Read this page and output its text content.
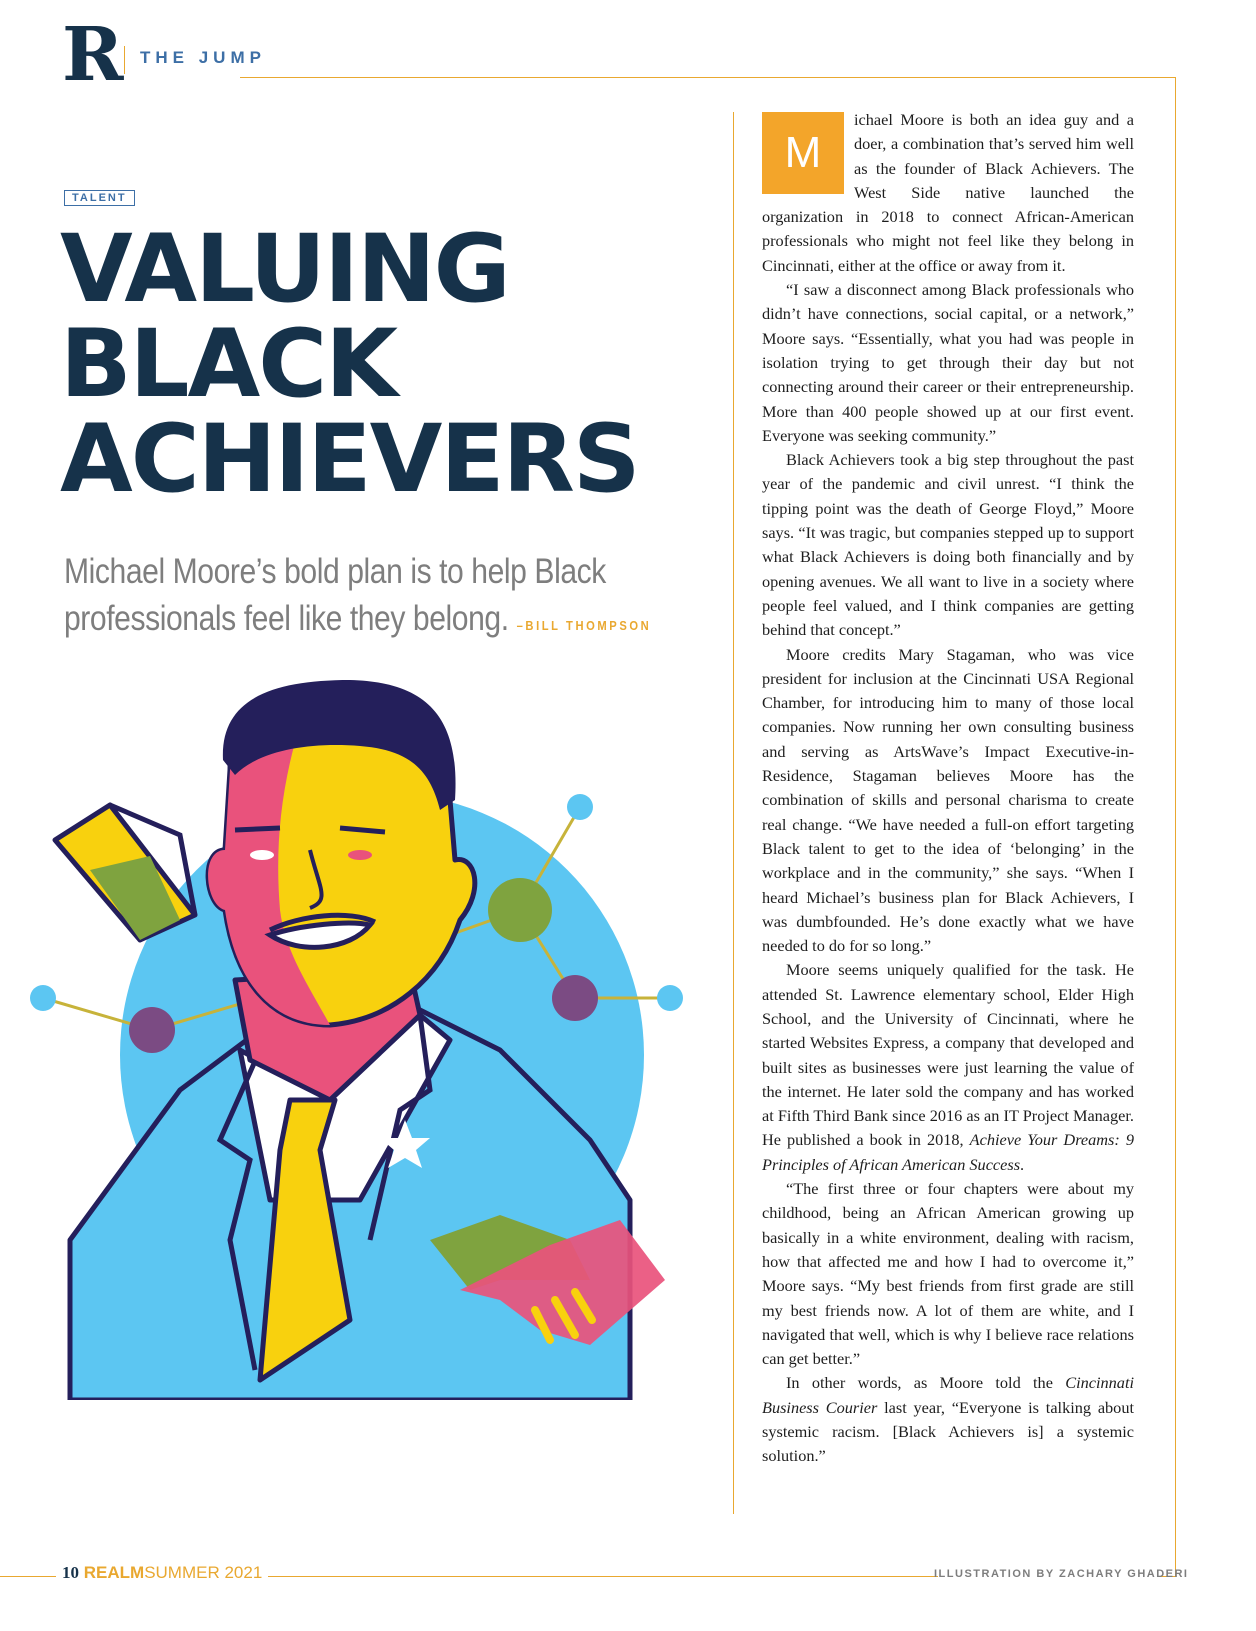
R THE JUMP
TALENT
VALUING
BLACK
ACHIEVERS
Michael Moore’s bold plan is to help Black professionals feel like they belong. –BILL THOMPSON

M
ichael Moore is both an idea guy and a doer, a combination that’s served him well as the founder of Black Achievers. The West Side native launched the organization in 2018 to connect African-American professionals who might not feel like they belong in Cincinnati, either at the office or away from it.

“I saw a disconnect among Black professionals who didn’t have connections, social capital, or a network,” Moore says. “Essentially, what you had was people in isolation trying to get through their day but not connecting around their career or their entrepreneurship. More than 400 people showed up at our first event. Everyone was seeking community.”

Black Achievers took a big step throughout the past year of the pandemic and civil unrest. “I think the tipping point was the death of George Floyd,” Moore says. “It was tragic, but companies stepped up to support what Black Achievers is doing both financially and by opening avenues. We all want to live in a society where people feel valued, and I think companies are getting behind that concept.”

Moore credits Mary Stagaman, who was vice president for inclusion at the Cincinnati USA Regional Chamber, for introducing him to many of those local companies. Now running her own consulting business and serving as ArtsWave’s Impact Executive-in-Residence, Stagaman believes Moore has the combination of skills and personal charisma to create real change. “We have needed a full-on effort targeting Black talent to get to the idea of ‘belonging’ in the workplace and in the community,” she says. “When I heard Michael’s business plan for Black Achievers, I was dumbfounded. He’s done exactly what we have needed to do for so long.”

Moore seems uniquely qualified for the task. He attended St. Lawrence elementary school, Elder High School, and the University of Cincinnati, where he started Websites Express, a company that developed and built sites as businesses were just learning the value of the internet. He later sold the company and has worked at Fifth Third Bank since 2016 as an IT Project Manager. He published a book in 2018, Achieve Your Dreams: 9 Principles of African American Success.

“The first three or four chapters were about my childhood, being an African American growing up basically in a white environment, dealing with racism, how that affected me and how I had to overcome it,” Moore says. “My best friends from first grade are still my best friends now. A lot of them are white, and I navigated that well, which is why I believe race relations can get better.”

In other words, as Moore told the Cincinnati Business Courier last year, “Everyone is talking about systemic racism. [Black Achievers is] a systemic solution.”

10 REALMSUMMER 2021	ILLUSTRATION BY ZACHARY GHADERI
